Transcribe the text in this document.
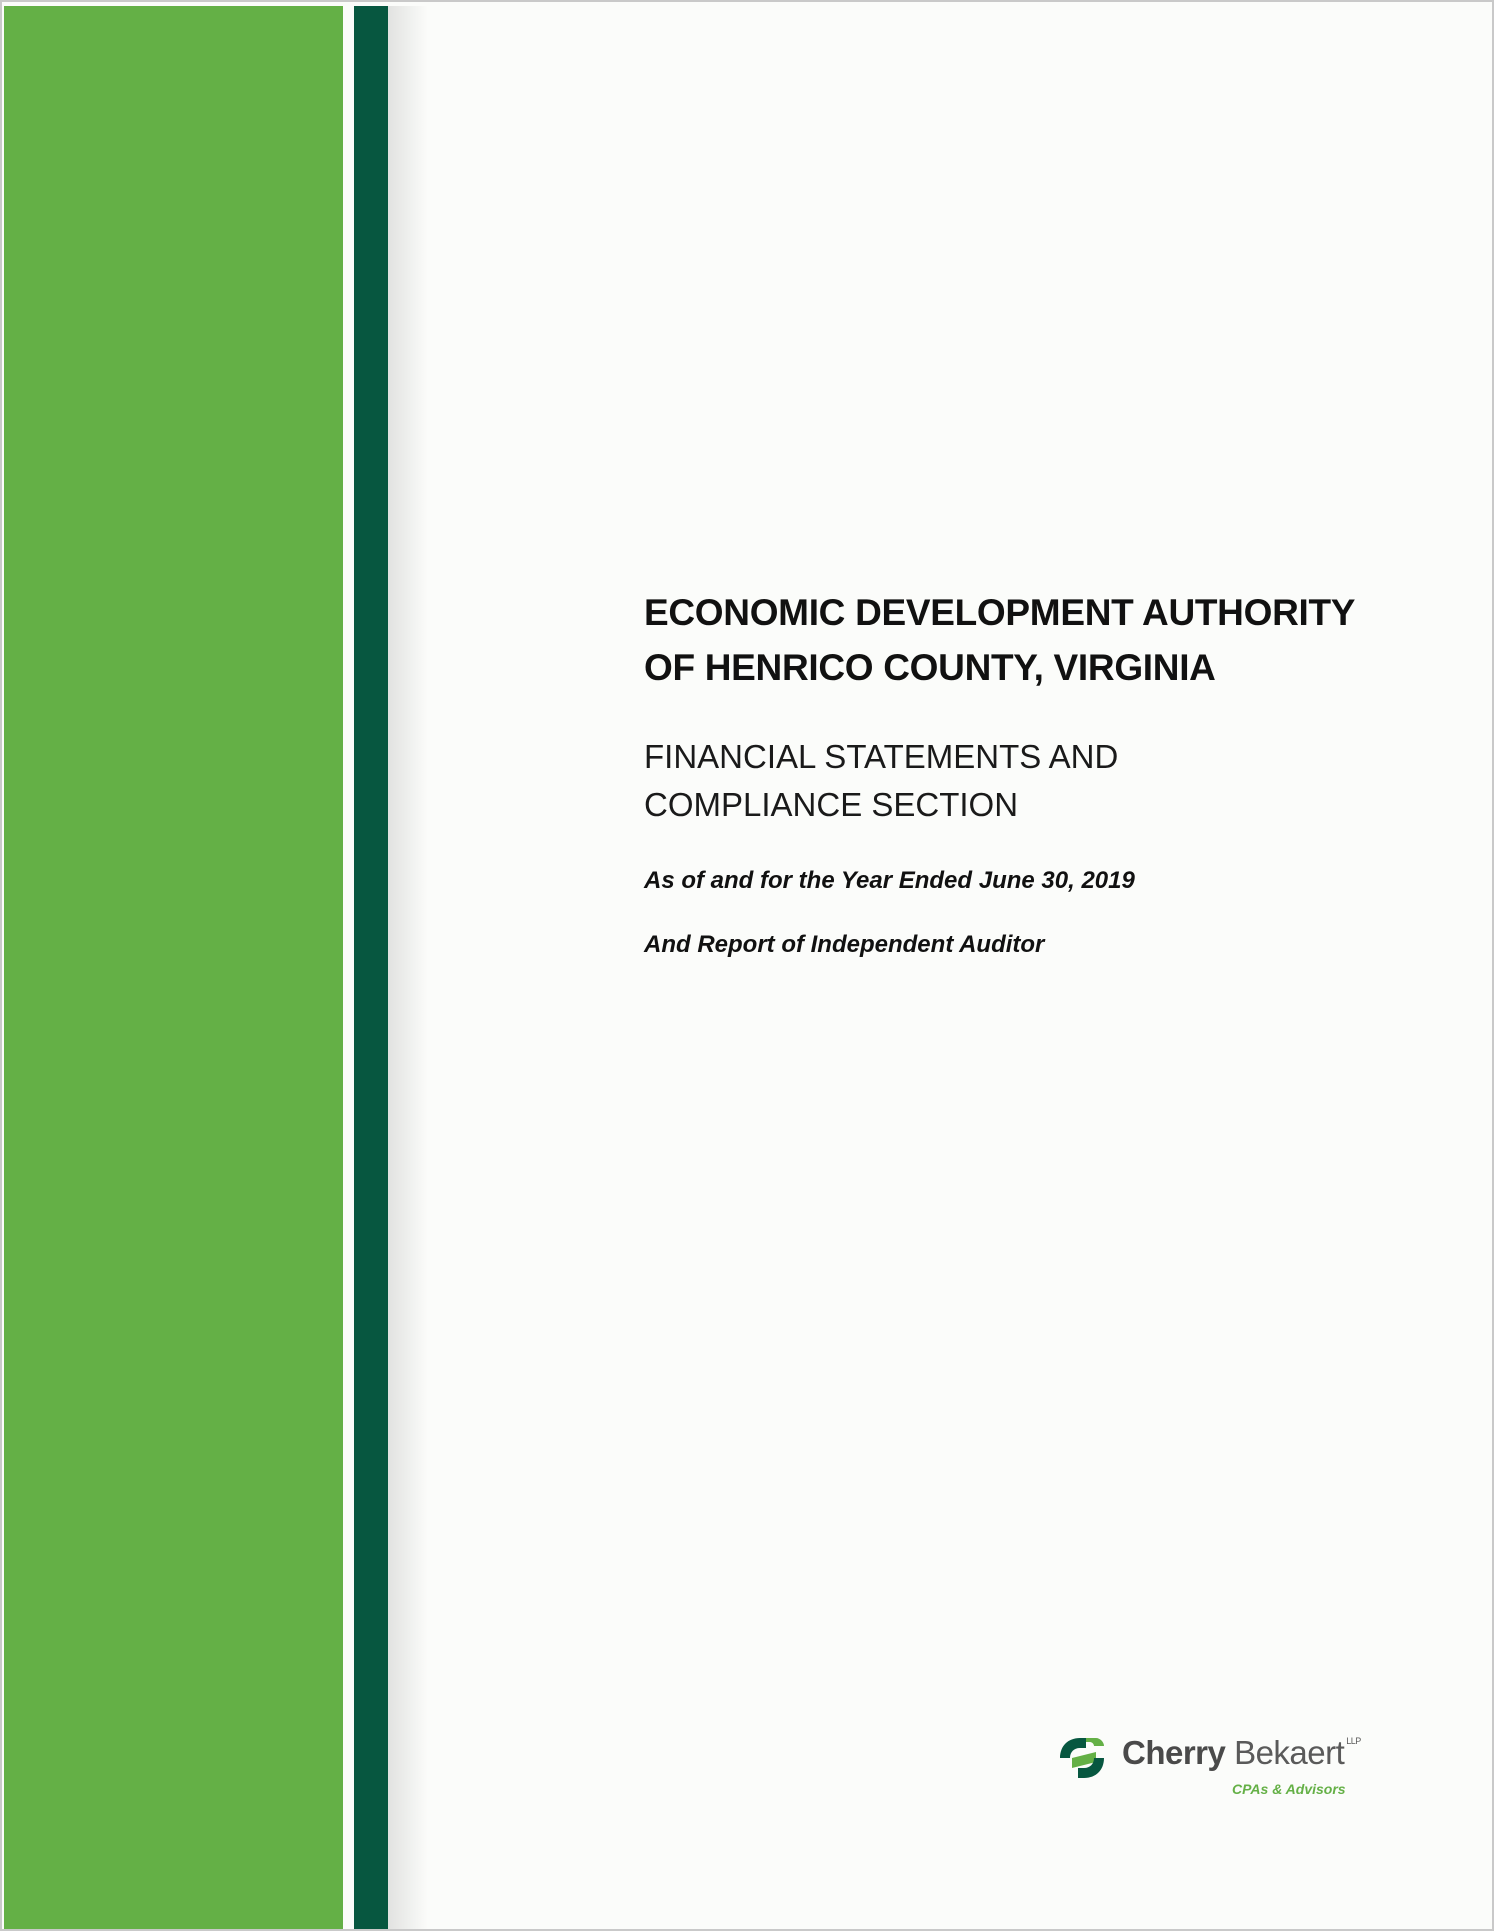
ECONOMIC DEVELOPMENT AUTHORITY
OF HENRICO COUNTY, VIRGINIA

FINANCIAL STATEMENTS AND
COMPLIANCE SECTION

As of and for the Year Ended June 30, 2019

And Report of Independent Auditor

Cherry Bekaert $^{LLP}$
CPAs & Advisors
